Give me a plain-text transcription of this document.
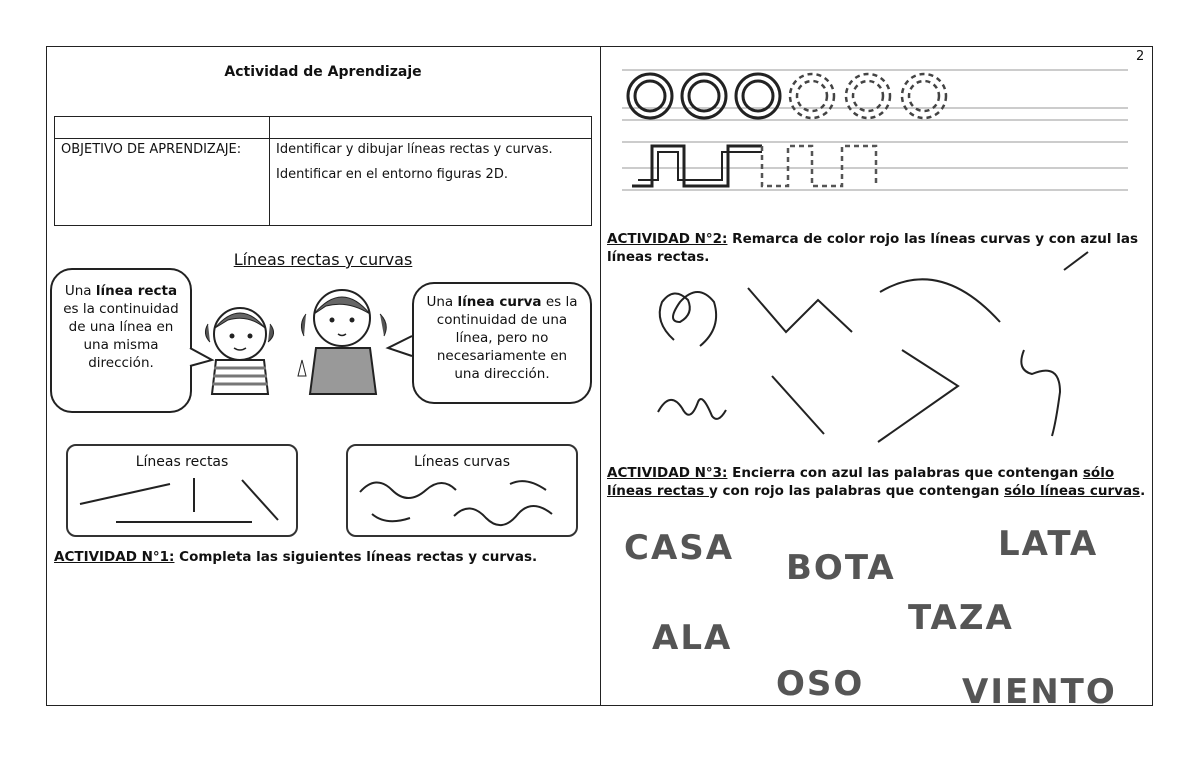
2
Actividad de Aprendizaje

OBJETIVO DE APRENDIZAJE:	Identificar y dibujar líneas rectas y curvas.
Identificar en el entorno figuras 2D.
Líneas rectas y curvas
Una línea recta es la continuidad de una línea en una misma dirección.
Una línea curva es la continuidad de una línea, pero no necesariamente en una dirección.
Líneas rectas	Líneas curvas
ACTIVIDAD N°1: Completa las siguientes líneas rectas y curvas.
ACTIVIDAD N°2: Remarca de color rojo las líneas curvas y con azul las líneas rectas.
ACTIVIDAD N°3: Encierra con azul las palabras que contengan sólo líneas rectas y con rojo las palabras que contengan sólo líneas curvas.
CASA BOTA
LATA
TAZA
ALA
OSO	VIENTO
